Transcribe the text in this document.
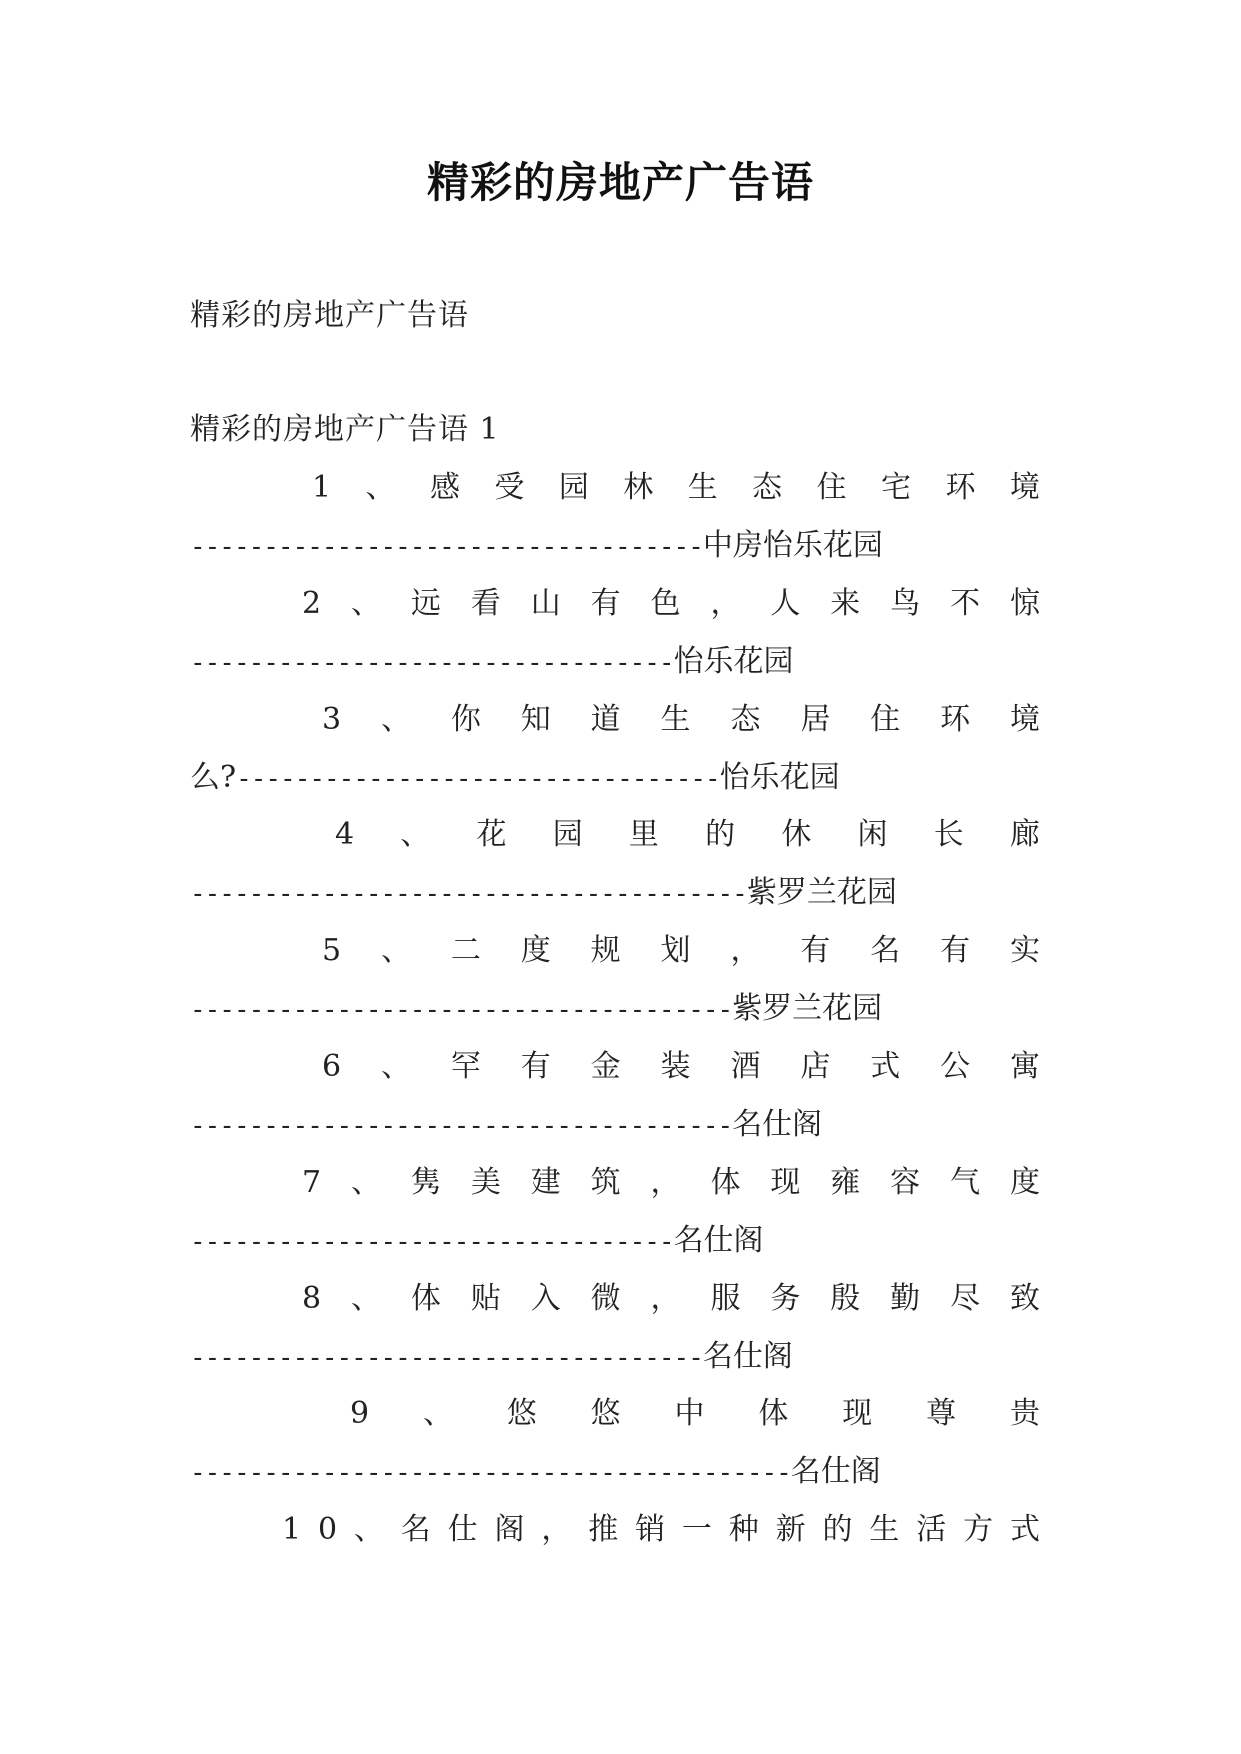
精彩的房地产广告语
精彩的房地产广告语
精彩的房地产广告语 1
1 、 感 受 园 林 生 态 住 宅 环 境
-----------------------------------中房怡乐花园
2 、 远 看 山 有 色 ， 人 来 鸟 不 惊
---------------------------------怡乐花园
3 、 你 知 道 生 态 居 住 环 境
么?---------------------------------怡乐花园
4 、 花 园 里 的 休 闲 长 廊
--------------------------------------紫罗兰花园
5 、 二 度 规 划 ， 有 名 有 实
-------------------------------------紫罗兰花园
6 、 罕 有 金 装 酒 店 式 公 寓
-------------------------------------名仕阁
7 、 隽 美 建 筑 ， 体 现 雍 容 气 度
---------------------------------名仕阁
8 、 体 贴 入 微 ， 服 务 殷 勤 尽 致
-----------------------------------名仕阁
9 、 悠 悠 中 体 现 尊 贵
-----------------------------------------名仕阁
1 0 、 名 仕 阁 ， 推 销 一 种 新 的 生 活 方 式
